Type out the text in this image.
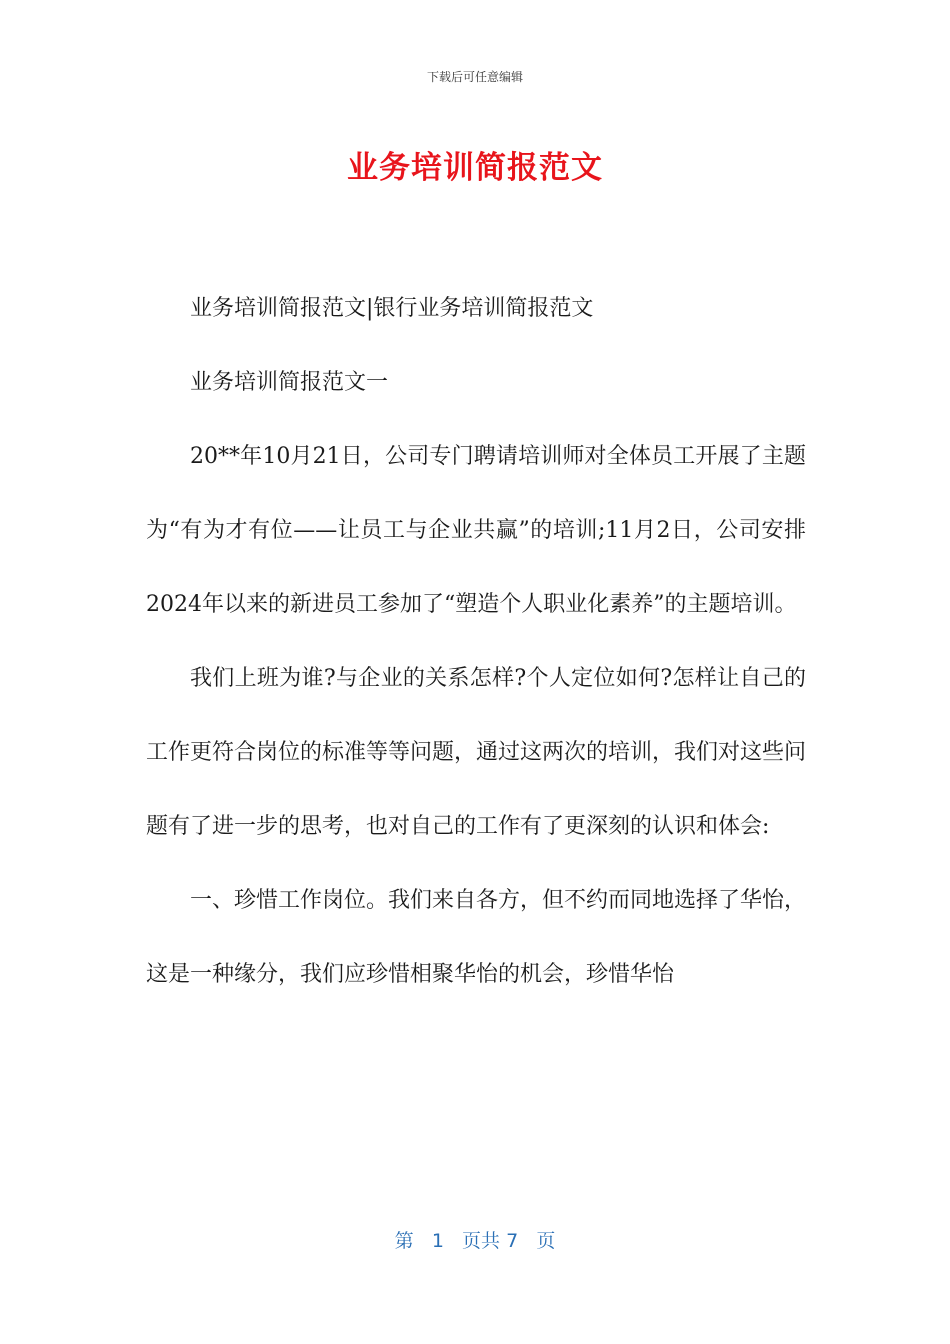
下载后可任意编辑
业务培训简报范文

业务培训简报范文|银行业务培训简报范文

业务培训简报范文一

20**年10月21日，公司专门聘请培训师对全体员工开展了主题为“有为才有位——让员工与企业共赢”的培训;11月2日，公司安排2024年以来的新进员工参加了“塑造个人职业化素养”的主题培训。

我们上班为谁?与企业的关系怎样?个人定位如何?怎样让自己的工作更符合岗位的标准等等问题，通过这两次的培训，我们对这些问题有了进一步的思考，也对自己的工作有了更深刻的认识和体会:

一、珍惜工作岗位。我们来自各方，但不约而同地选择了华怡，这是一种缘分，我们应珍惜相聚华怡的机会，珍惜华怡

第 1 页共 7 页
